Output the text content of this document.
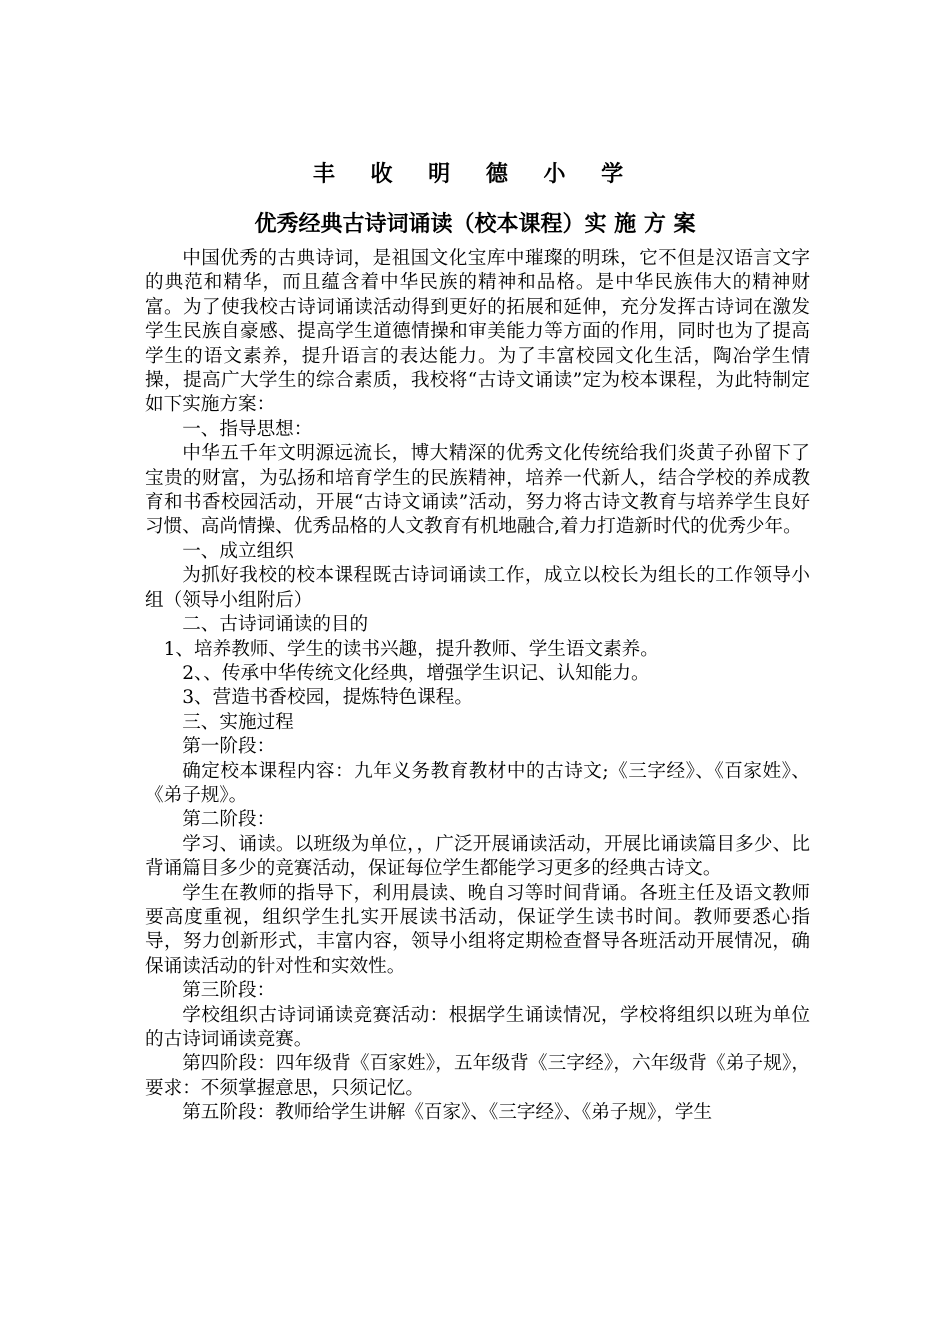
丰 收 明 德 小 学
优秀经典古诗词诵读（校本课程）实 施 方 案

中国优秀的古典诗词，是祖国文化宝库中璀璨的明珠，它不但是汉语言文字的典范和精华，而且蕴含着中华民族的精神和品格。是中华民族伟大的精神财富。为了使我校古诗词诵读活动得到更好的拓展和延伸，充分发挥古诗词在激发学生民族自豪感、提高学生道德情操和审美能力等方面的作用，同时也为了提高学生的语文素养，提升语言的表达能力。为了丰富校园文化生活，陶冶学生情操，提高广大学生的综合素质，我校将“古诗文诵读”定为校本课程，为此特制定如下实施方案：

一、指导思想：

中华五千年文明源远流长，博大精深的优秀文化传统给我们炎黄子孙留下了宝贵的财富，为弘扬和培育学生的民族精神，培养一代新人，结合学校的养成教育和书香校园活动，开展“古诗文诵读”活动，努力将古诗文教育与培养学生良好习惯、高尚情操、优秀品格的人文教育有机地融合,着力打造新时代的优秀少年。

一、成立组织

为抓好我校的校本课程既古诗词诵读工作，成立以校长为组长的工作领导小组（领导小组附后）

二、古诗词诵读的目的

1、培养教师、学生的读书兴趣，提升教师、学生语文素养。

2、、传承中华传统文化经典，增强学生识记、认知能力。

3、营造书香校园，提炼特色课程。

三、实施过程

第一阶段：

确定校本课程内容：九年义务教育教材中的古诗文;《三字经》、《百家姓》、《弟子规》。

第二阶段：

学习、诵读。以班级为单位，，广泛开展诵读活动，开展比诵读篇目多少、比背诵篇目多少的竞赛活动，保证每位学生都能学习更多的经典古诗文。

学生在教师的指导下，利用晨读、晚自习等时间背诵。各班主任及语文教师要高度重视，组织学生扎实开展读书活动，保证学生读书时间。教师要悉心指导，努力创新形式，丰富内容，领导小组将定期检查督导各班活动开展情况，确保诵读活动的针对性和实效性。

第三阶段：

学校组织古诗词诵读竞赛活动：根据学生诵读情况，学校将组织以班为单位的古诗词诵读竞赛。

第四阶段：四年级背《百家姓》，五年级背《三字经》，六年级背《弟子规》，要求：不须掌握意思，只须记忆。

第五阶段：教师给学生讲解《百家》、《三字经》、《弟子规》，学生
